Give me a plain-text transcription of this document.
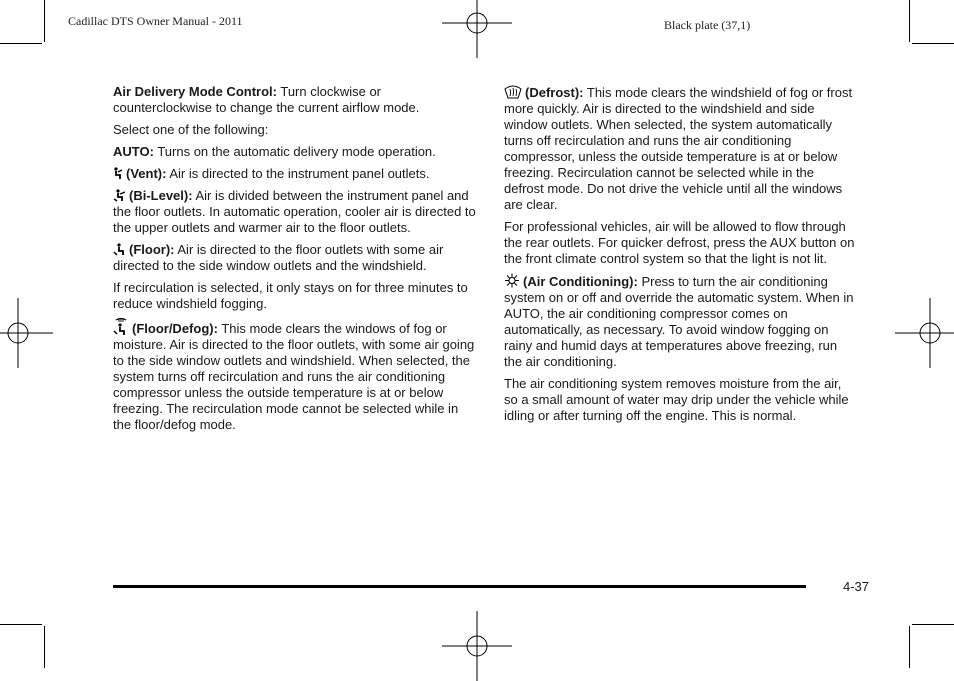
Cadillac DTS Owner Manual - 2011	Black plate (37,1)

Air Delivery Mode Control: Turn clockwise or counterclockwise to change the current airflow mode.

Select one of the following:

AUTO: Turns on the automatic delivery mode operation.

(Vent): Air is directed to the instrument panel outlets.

(Bi-Level): Air is divided between the instrument panel and the floor outlets. In automatic operation, cooler air is directed to the upper outlets and warmer air to the floor outlets.

(Floor): Air is directed to the floor outlets with some air directed to the side window outlets and the windshield.

If recirculation is selected, it only stays on for three minutes to reduce windshield fogging.

(Floor/Defog): This mode clears the windows of fog or moisture. Air is directed to the floor outlets, with some air going to the side window outlets and windshield. When selected, the system turns off recirculation and runs the air conditioning compressor unless the outside temperature is at or below freezing. The recirculation mode cannot be selected while in the floor/defog mode.

(Defrost): This mode clears the windshield of fog or frost more quickly. Air is directed to the windshield and side window outlets. When selected, the system automatically turns off recirculation and runs the air conditioning compressor, unless the outside temperature is at or below freezing. Recirculation cannot be selected while in the defrost mode. Do not drive the vehicle until all the windows are clear.

For professional vehicles, air will be allowed to flow through the rear outlets. For quicker defrost, press the AUX button on the front climate control system so that the light is not lit.

(Air Conditioning): Press to turn the air conditioning system on or off and override the automatic system. When in AUTO, the air conditioning compressor comes on automatically, as necessary. To avoid window fogging on rainy and humid days at temperatures above freezing, run the air conditioning.

The air conditioning system removes moisture from the air, so a small amount of water may drip under the vehicle while idling or after turning off the engine. This is normal.

4-37
